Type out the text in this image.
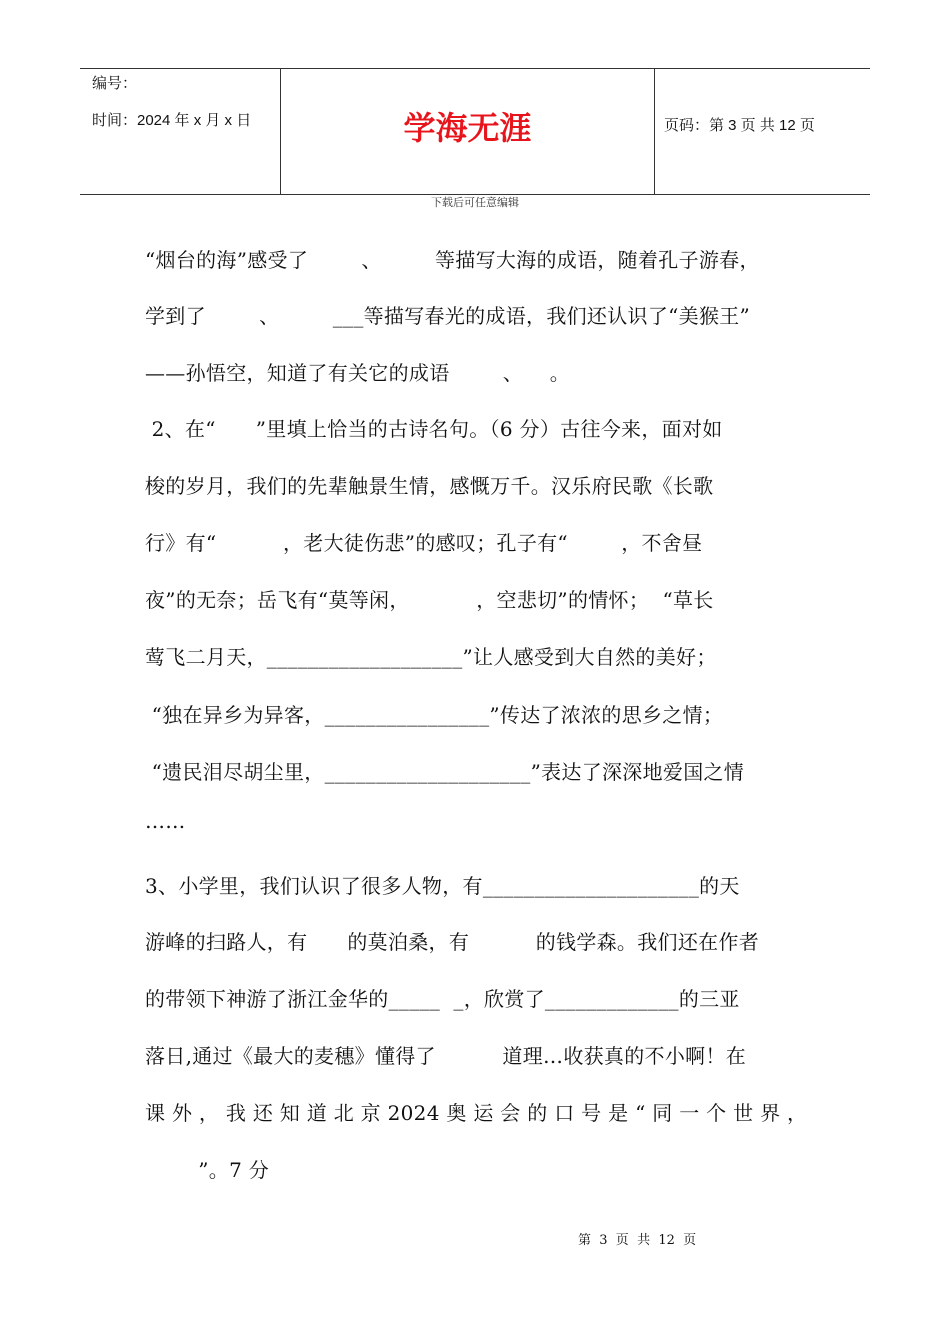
编号：
时间：2024 年 x 月 x 日	学海无涯	页码：第 3 页 共 12 页
下载后可任意编辑
“烟台的海”感受了        、        等描写大海的成语，随着孔子游春，
学到了        、        ___等描写春光的成语，我们还认识了“美猴王”
——孙悟空，知道了有关它的成语        、    。
2、在“      ”里填上恰当的古诗名句。（6 分）古往今来，面对如
梭的岁月，我们的先辈触景生情，感慨万千。汉乐府民歌《长歌
行》有“          ，老大徒伤悲”的感叹；孔子有“        ，不舍昼
夜”的无奈；岳飞有“莫等闲，          ，空悲切”的情怀；  “草长
莺飞二月天，___________________”让人感受到大自然的美好；
“独在异乡为异客，________________”传达了浓浓的思乡之情；
“遗民泪尽胡尘里，____________________”表达了深深地爱国之情
……
3、小学里，我们认识了很多人物，有_____________________的天
游峰的扫路人，有      的莫泊桑，有          的钱学森。我们还在作者
的带领下神游了浙江金华的_____  _，欣赏了_____________的三亚
落日,通过《最大的麦穗》懂得了          道理…收获真的不小啊！在
课 外 ， 我 还 知 道 北 京 2024 奥 运 会 的 口 号 是 “ 同 一 个 世 界 ，
”。7 分
第  3  页  共  12  页
